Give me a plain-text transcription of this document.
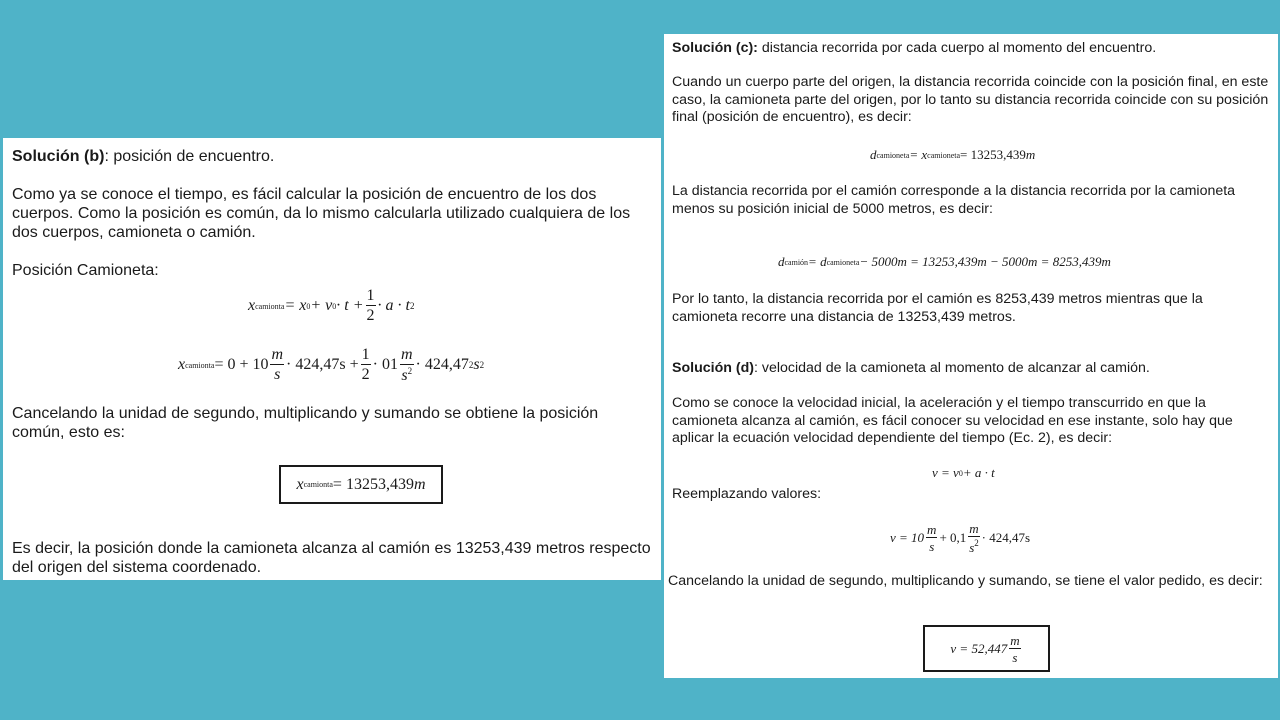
Solución (b): posición de encuentro.
Como ya se conoce el tiempo, es fácil calcular la posición de encuentro de los dos cuerpos. Como la posición es común, da lo mismo calcularla utilizado cualquiera de los dos cuerpos, camioneta o camión.
Posición Camioneta:
x camionta = x 0 + v $0 \cdot t + \frac{1}{2} \cdot a \cdot t$ 2
x camionta = $0 + 10 \frac{m}{s} \cdot 424,47s + \frac{1}{2} \cdot 01 \frac{m}{s^2} \cdot 424,47$ 2 s 2
Cancelando la unidad de segundo, multiplicando y sumando se obtiene la posición común, esto es:
x camionta = 13253,439 m
Es decir, la posición donde la camioneta alcanza al camión es 13253,439 metros respecto del origen del sistema coordenado.
Solución (c): distancia recorrida por cada cuerpo al momento del encuentro.
Cuando un cuerpo parte del origen, la distancia recorrida coincide con la posición final, en este caso, la camioneta parte del origen, por lo tanto su distancia recorrida coincide con su posición final (posición de encuentro), es decir:
d camioneta = x camioneta = 13253,439 m
La distancia recorrida por el camión corresponde a la distancia recorrida por la camioneta menos su posición inicial de 5000 metros, es decir:
d camión = d camioneta − 5000m = 13253,439m − 5000m = 8253,439m
Por lo tanto, la distancia recorrida por el camión es 8253,439 metros mientras que la camioneta recorre una distancia de 13253,439 metros.
Solución (d): velocidad de la camioneta al momento de alcanzar al camión.
Como se conoce la velocidad inicial, la aceleración y el tiempo transcurrido en que la camioneta alcanza al camión, es fácil conocer su velocidad en ese instante, solo hay que aplicar la ecuación velocidad dependiente del tiempo (Ec. 2), es decir:
v = v 0 + a · t
Reemplazando valores:
$v = 10 \frac{m}{s} + 0,1 \frac{m}{s^2} \cdot 424,47s$
Cancelando la unidad de segundo, multiplicando y sumando, se tiene el valor pedido, es decir:
$v = 52,447 \frac{m}{s}$
